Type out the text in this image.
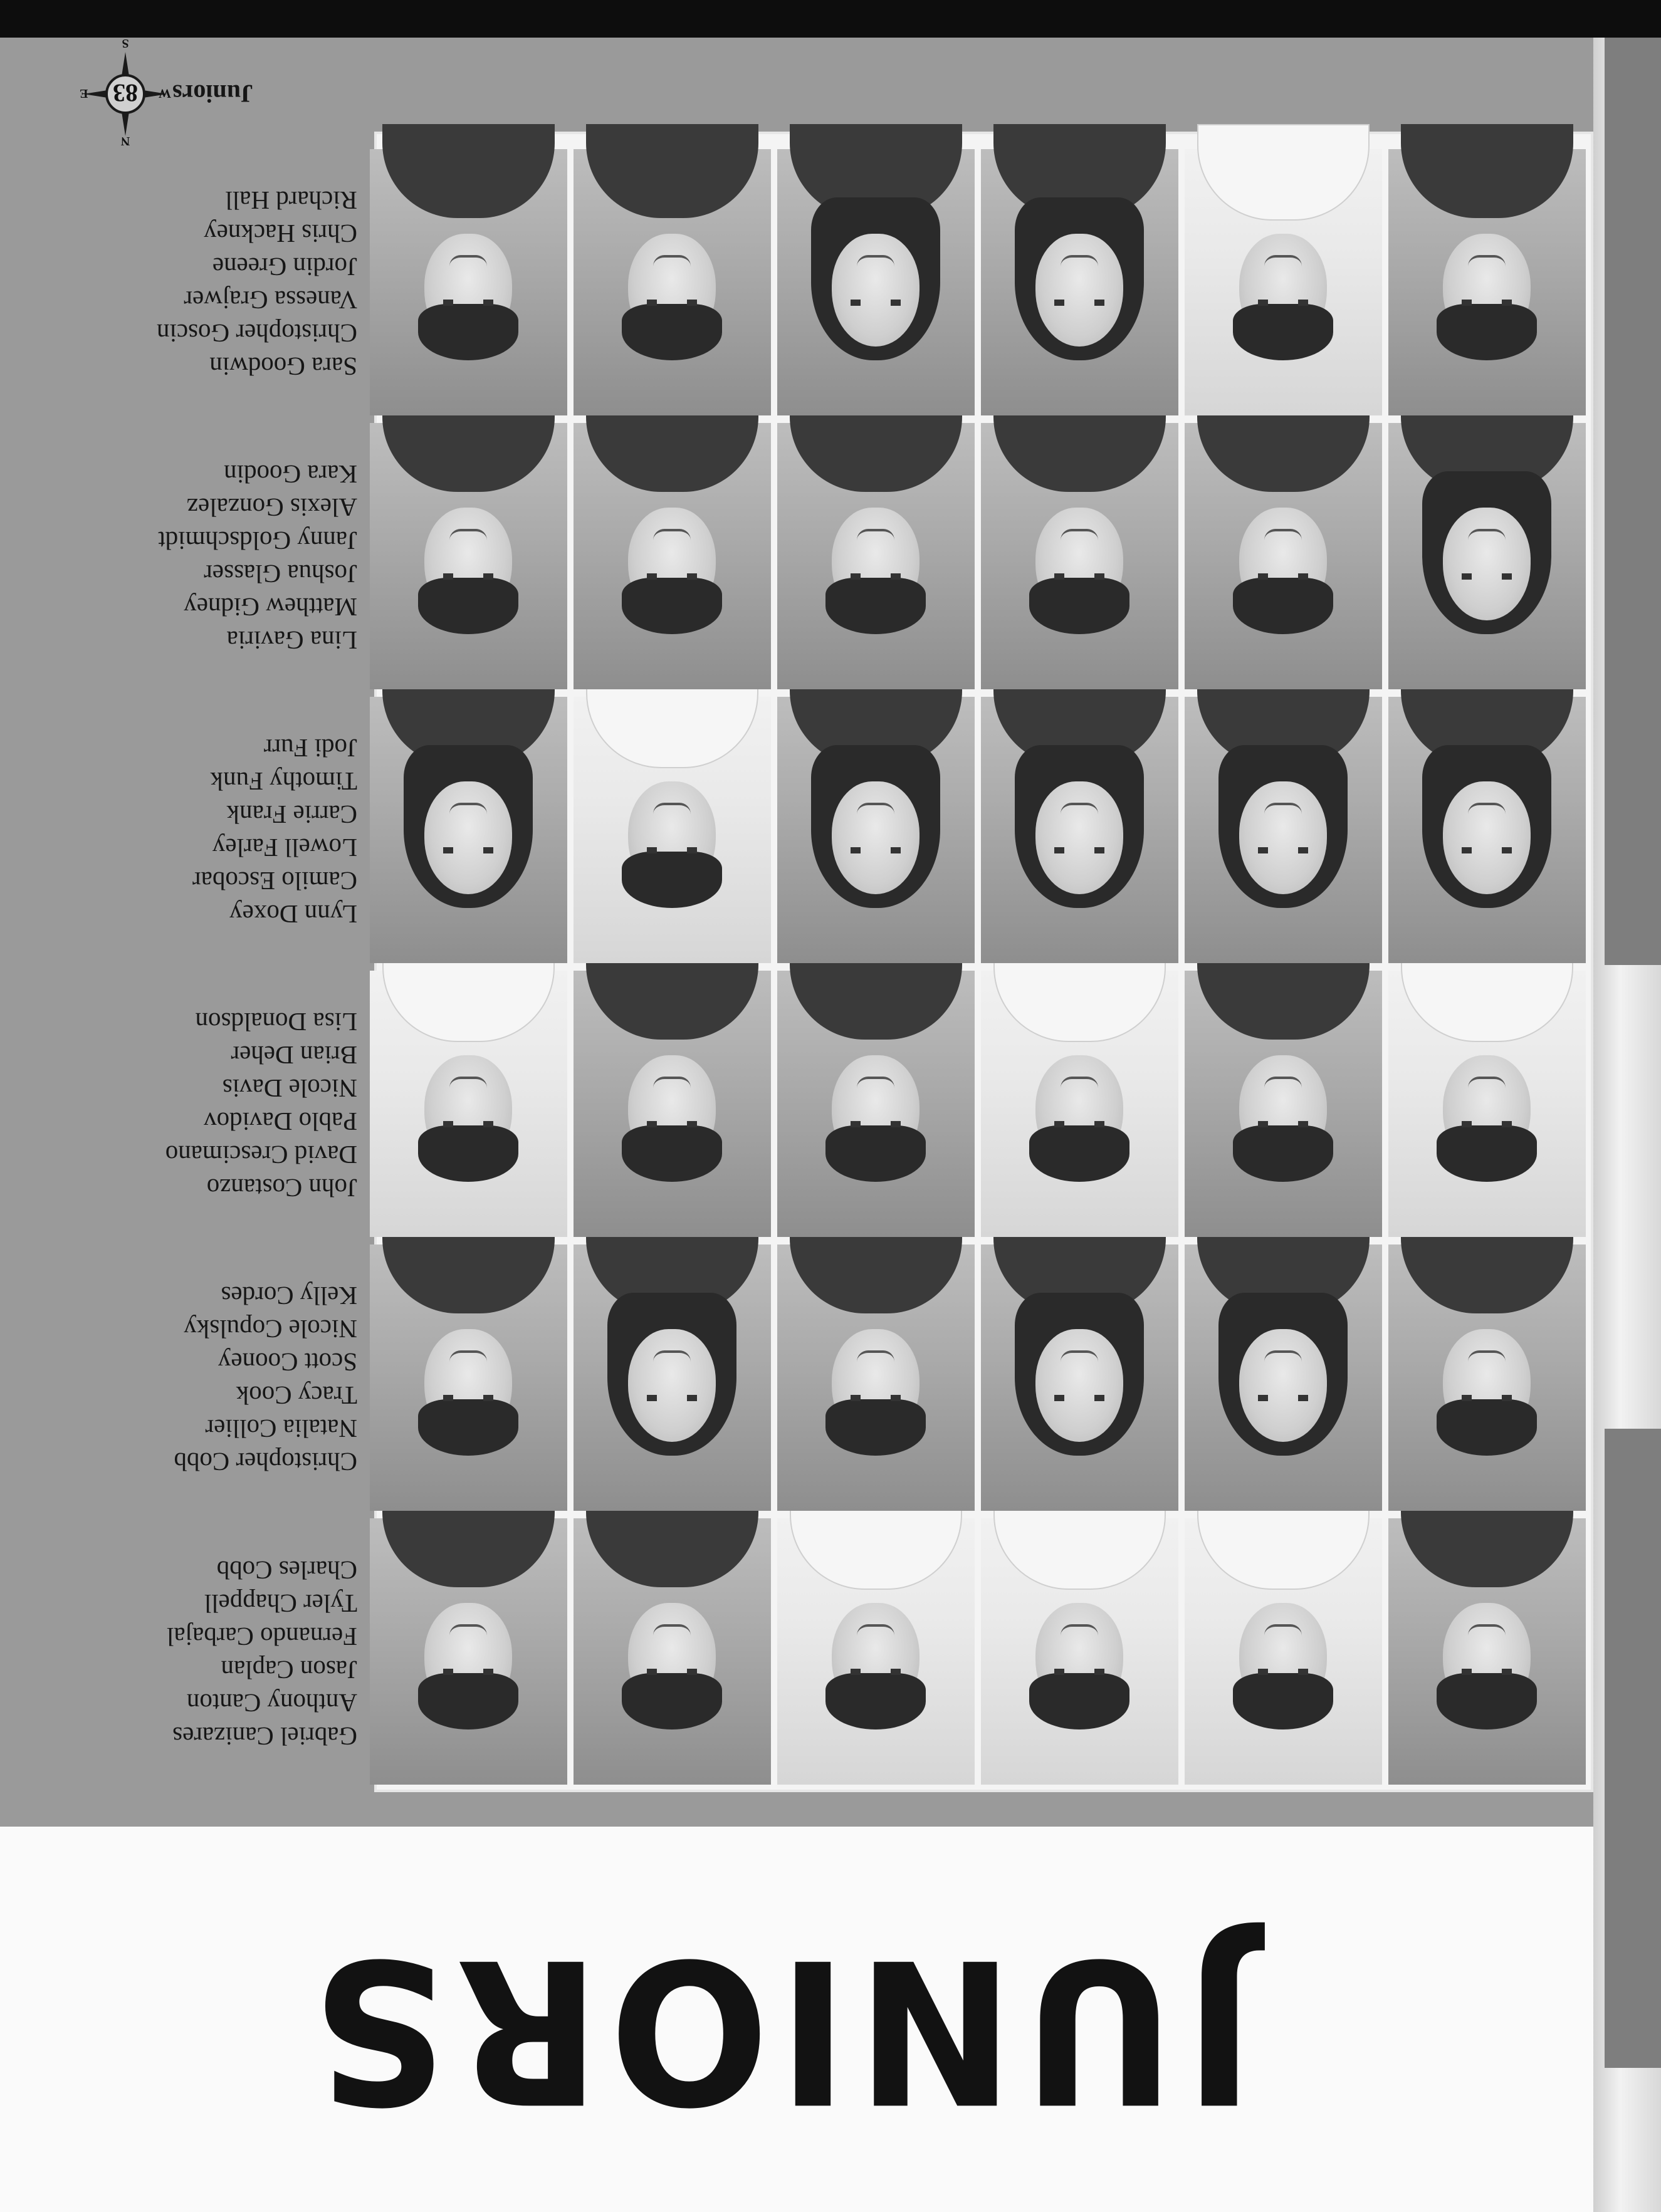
JUNIORS
Gabriel Canizares
Anthony Canton
Jason Caplan
Fernando Carbajal
Tyler Chappell
Charles Cobb
Christopher Cobb
Natalia Collier
Tracy Cook
Scott Cooney
Nicole Copulsky
Kelly Cordes
John Costanzo
David Crescimano
Pablo Davidov
Nicole Davis
Brian Deher
Lisa Donaldson
Lynn Doxey
Camilo Escobar
Lowell Farley
Carrie Frank
Timothy Funk
Jodi Furr
Lina Gaviria
Matthew Gidney
Joshua Glasser
Janny Goldschmidt
Alexis Gonzalez
Kara Goodin
Sara Goodwin
Christopher Goscin
Vanessa Grajwer
Jordin Greene
Chris Hackney
Richard Hall
Juniors
83
N
S
W
E
